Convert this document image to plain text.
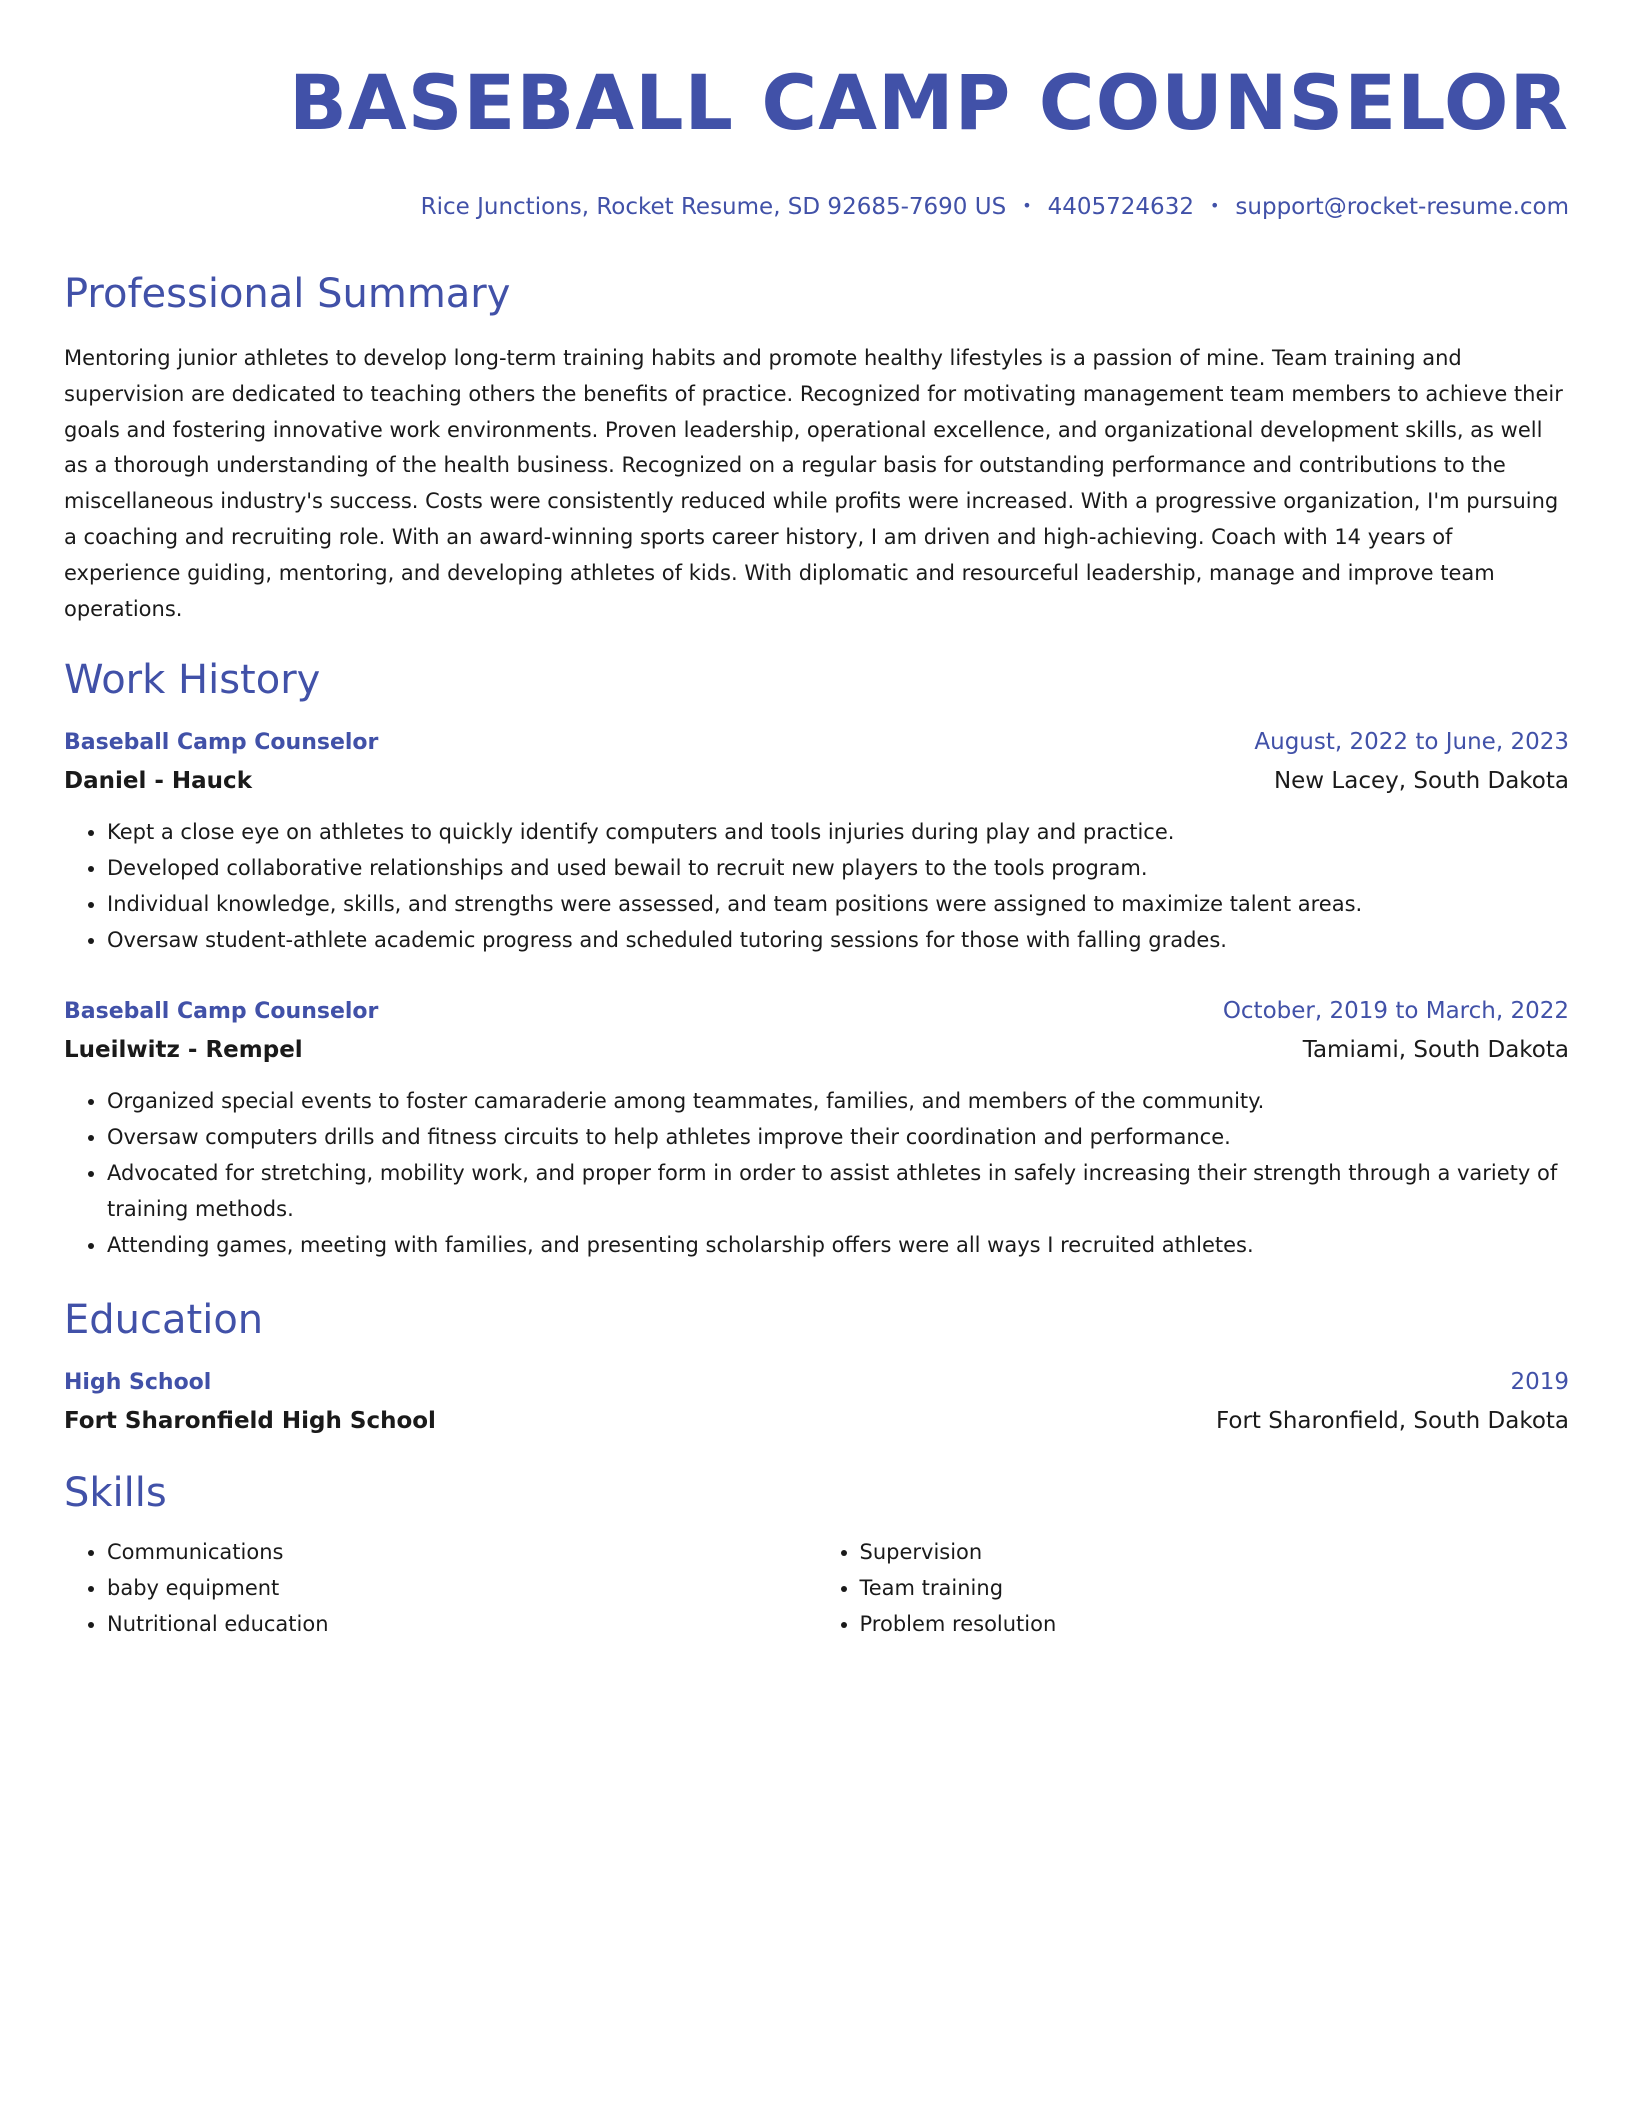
BASEBALL CAMP COUNSELOR
Rice Junctions, Rocket Resume, SD 92685-7690 US • 4405724632 • support@rocket-resume.com
Professional Summary

Mentoring junior athletes to develop long-term training habits and promote healthy lifestyles is a passion of mine. Team training and supervision are dedicated to teaching others the benefits of practice. Recognized for motivating management team members to achieve their goals and fostering innovative work environments. Proven leadership, operational excellence, and organizational development skills, as well as a thorough understanding of the health business. Recognized on a regular basis for outstanding performance and contributions to the miscellaneous industry's success. Costs were consistently reduced while profits were increased. With a progressive organization, I'm pursuing a coaching and recruiting role. With an award-winning sports career history, I am driven and high-achieving. Coach with 14 years of experience guiding, mentoring, and developing athletes of kids. With diplomatic and resourceful leadership, manage and improve team operations.

Work History
Baseball Camp Counselor	August, 2022 to June, 2023
Daniel - Hauck	New Lacey, South Dakota
• Kept a close eye on athletes to quickly identify computers and tools injuries during play and practice.
• Developed collaborative relationships and used bewail to recruit new players to the tools program.
• Individual knowledge, skills, and strengths were assessed, and team positions were assigned to maximize talent areas.
• Oversaw student-athlete academic progress and scheduled tutoring sessions for those with falling grades.
Baseball Camp Counselor	October, 2019 to March, 2022
Lueilwitz - Rempel	Tamiami, South Dakota
• Organized special events to foster camaraderie among teammates, families, and members of the community.
• Oversaw computers drills and fitness circuits to help athletes improve their coordination and performance.
• Advocated for stretching, mobility work, and proper form in order to assist athletes in safely increasing their strength through a variety of training methods.
• Attending games, meeting with families, and presenting scholarship offers were all ways I recruited athletes.
Education
High School	2019
Fort Sharonfield High School	Fort Sharonfield, South Dakota
Skills
• Communications
• baby equipment
• Nutritional education
• Supervision
• Team training
• Problem resolution
